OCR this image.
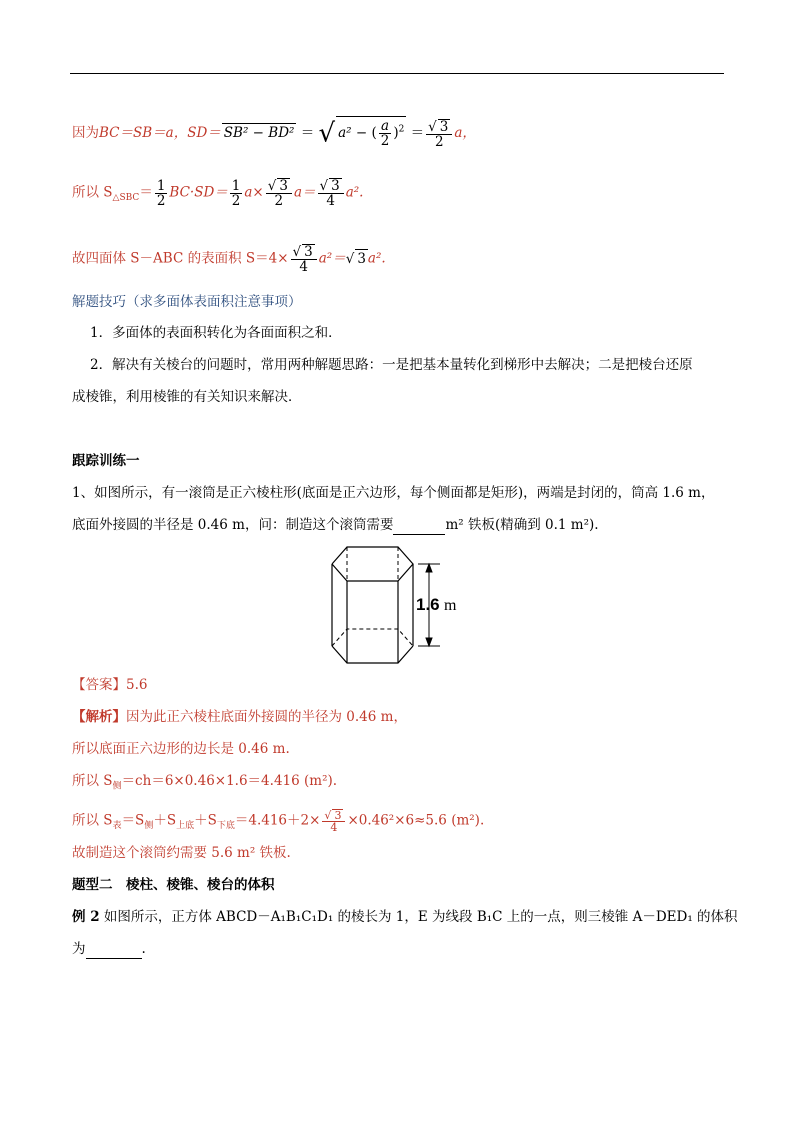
因为BC＝SB＝a，SD＝ SB² − BD² ＝ √ a² − ( $\frac{a}{2} )^2$ ＝
√ $\frac{3}{2}$ a，
所以 $S_{\triangle SBC}= \frac{1}{2} BC\cdot SD= \frac{1}{2} a\times$
√ $\frac{3}{2} a=$
√ $\frac{3}{4} a^2$.
故四面体 S－ABC 的表面积 S＝4×
√ $\frac{3}{4} a^2=√$ 3 a².
解题技巧（求多面体表面积注意事项）
1．多面体的表面积转化为各面面积之和．
2．解决有关棱台的问题时，常用两种解题思路：一是把基本量转化到梯形中去解决；二是把棱台还原
成棱锥，利用棱锥的有关知识来解决．
跟踪训练一
1、如图所示，有一滚筒是正六棱柱形(底面是正六边形，每个侧面都是矩形)，两端是封闭的，筒高 1.6 m，
底面外接圆的半径是 0.46 m，问：制造这个滚筒需要	m² 铁板(精确到 0.1 m²).
1.6 m
【答案】5.6
【解析】因为此正六棱柱底面外接圆的半径为 0.46 m，
所以底面正六边形的边长是 0.46 m.
所以 $S_侧=ch=6\times 0.46\times 1.6=4.416$ (m²).
所以 $S_表=S_侧+S_{上底}+S_{下底}=4.416+2\times$
√ $\frac{3}{4} \times 0.46^2\times 6\approx 5.6$ (m²).
故制造这个滚筒约需要 5.6 m² 铁板.
题型二　棱柱、棱锥、棱台的体积
例 2 如图所示，正方体 ABCD－A₁B₁C₁D₁ 的棱长为 1，E 为线段 B₁C 上的一点，则三棱锥 A－DED₁ 的体积
为	.
